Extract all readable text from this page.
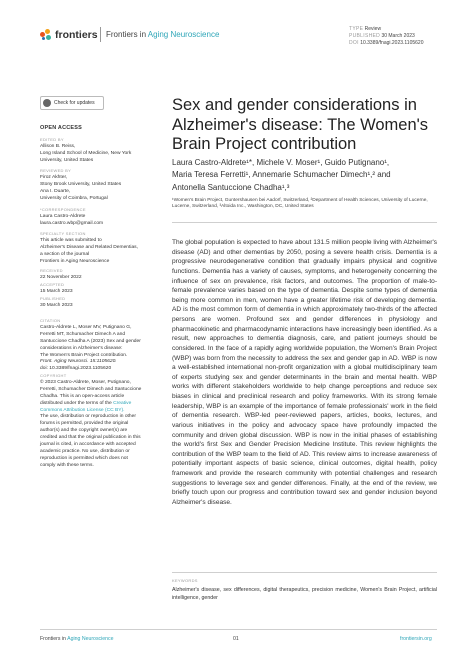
frontiers Frontiers in Aging Neuroscience
TYPE Review
PUBLISHED 30 March 2023
DOI 10.3389/fnagi.2023.1105620
Check for updates
OPEN ACCESS
EDITED BY
Allison B. Reiss,
Long Island School of Medicine, New York
University, United States
REVIEWED BY
Firoz Akhter,
Stony Brook University, United States
Ana I. Duarte,
University of Coimbra, Portugal
*CORRESPONDENCE
Laura Castro-Aldrete
laura.castro.wbp@gmail.com
SPECIALTY SECTION
This article was submitted to
Alzheimer's Disease and Related Dementias,
a section of the journal
Frontiers in Aging Neuroscience
RECEIVED
22 November 2022
ACCEPTED
15 March 2023
PUBLISHED
30 March 2023
CITATION
Castro-Aldrete L, Moser MV, Putignano G,
Ferretti MT, Schumacher Dimech A and
Santuccione Chadha A (2023) Sex and gender
considerations in Alzheimer's disease:
The Women's Brain Project contribution.
Front. Aging Neurosci. 15:1105620.
doi: 10.3389/fnagi.2023.1105620
COPYRIGHT
© 2023 Castro-Aldrete, Moser, Putignano,
Ferretti, Schumacher Dimech and Santuccione
Chadha. This is an open-access article
distributed under the terms of the Creative
Commons Attribution License (CC BY).
The use, distribution or reproduction in other
forums is permitted, provided the original
author(s) and the copyright owner(s) are
credited and that the original publication in this
journal is cited, in accordance with accepted
academic practice. No use, distribution or
reproduction is permitted which does not
comply with these terms.
Sex and gender considerations in Alzheimer's disease: The Women's Brain Project contribution
Laura Castro-Aldrete¹*, Michele V. Moser¹, Guido Putignano¹,
Maria Teresa Ferretti¹, Annemarie Schumacher Dimech¹,² and
Antonella Santuccione Chadha¹,³
¹Women's Brain Project, Guntershausen bei Aadorf, Switzerland, ²Department of Health Sciences, University of Lucerne, Lucerne, Switzerland, ³Altoida Inc., Washington, DC, United States
The global population is expected to have about 131.5 million people living with Alzheimer's disease (AD) and other dementias by 2050, posing a severe health crisis. Dementia is a progressive neurodegenerative condition that gradually impairs physical and cognitive functions. Dementia has a variety of causes, symptoms, and heterogeneity concerning the influence of sex on prevalence, risk factors, and outcomes. The proportion of male-to-female prevalence varies based on the type of dementia. Despite some types of dementia being more common in men, women have a greater lifetime risk of developing dementia. AD is the most common form of dementia in which approximately two-thirds of the affected persons are women. Profound sex and gender differences in physiology and pharmacokinetic and pharmacodynamic interactions have increasingly been identified. As a result, new approaches to dementia diagnosis, care, and patient journeys should be considered. In the face of a rapidly aging worldwide population, the Women's Brain Project (WBP) was born from the necessity to address the sex and gender gap in AD. WBP is now a well-established international non-profit organization with a global multidisciplinary team of experts studying sex and gender determinants in the brain and mental health. WBP works with different stakeholders worldwide to help change perceptions and reduce sex biases in clinical and preclinical research and policy frameworks. With its strong female leadership, WBP is an example of the importance of female professionals' work in the field of dementia research. WBP-led peer-reviewed papers, articles, books, lectures, and various initiatives in the policy and advocacy space have profoundly impacted the community and driven global discussion. WBP is now in the initial phases of establishing the world's first Sex and Gender Precision Medicine Institute. This review highlights the contribution of the WBP team to the field of AD. This review aims to increase awareness of potentially important aspects of basic science, clinical outcomes, digital health, policy framework and provide the research community with potential challenges and research suggestions to leverage sex and gender differences. Finally, at the end of the review, we briefly touch upon our progress and contribution toward sex and gender inclusion beyond Alzheimer's disease.
KEYWORDS
Alzheimer's disease, sex differences, digital therapeutics, precision medicine, Women's Brain Project, artificial intelligence, gender
Frontiers in Aging Neuroscience	01	frontiersin.org
